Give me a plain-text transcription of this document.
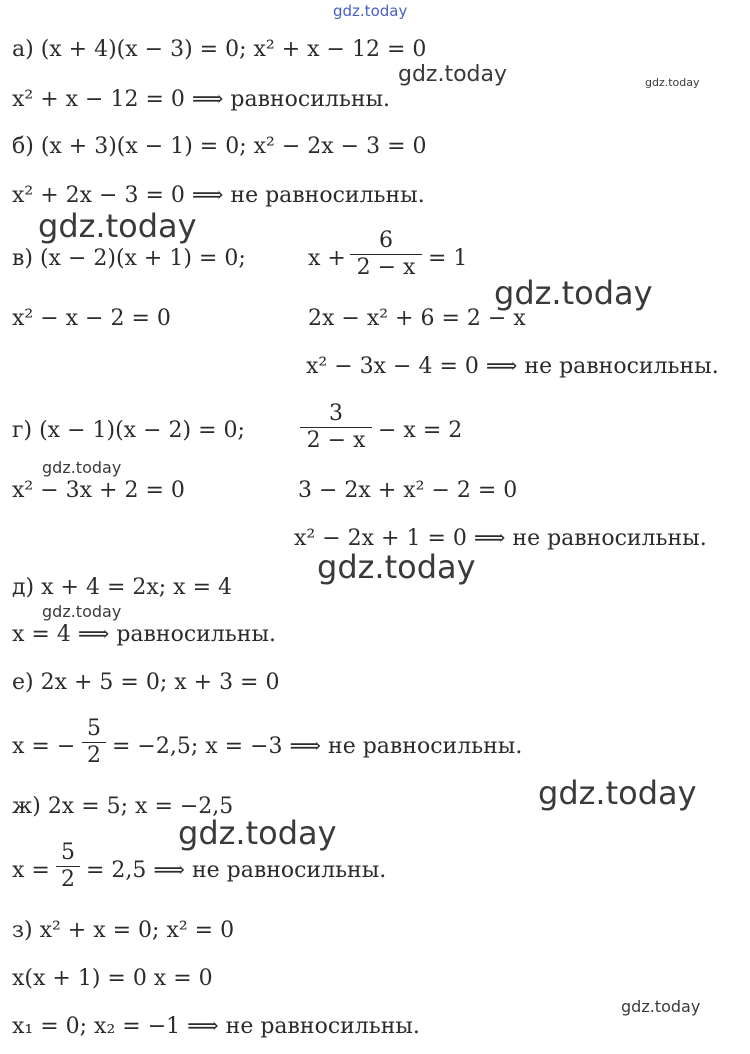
gdz.today
gdz.today	gdz.today
gdz.today
gdz.today
gdz.today
gdz.today
gdz.today
gdz.today
gdz.today
gdz.today
а) (x + 4)(x − 3) = 0; x² + x − 12 = 0
x² + x − 12 = 0 ⟹ равносильны.
б) (x + 3)(x − 1) = 0; x² − 2x − 3 = 0
x² + 2x − 3 = 0 ⟹ не равносильны.
в) (x − 2)(x + 1) = 0;	x +
6
2 − x = 1
x² − x − 2 = 0	2x − x² + 6 = 2 − x
x² − 3x − 4 = 0 ⟹ не равносильны.
г) (x − 1)(x − 2) = 0;
3
2 − x − x = 2
x² − 3x + 2 = 0	3 − 2x + x² − 2 = 0
x² − 2x + 1 = 0 ⟹ не равносильны.
д) x + 4 = 2x; x = 4
x = 4 ⟹ равносильны.
е) 2x + 5 = 0; x + 3 = 0
x = −
5
2 = −2,5; x = −3 ⟹ не равносильны.
ж) 2x = 5; x = −2,5
x =
5
2 = 2,5 ⟹ не равносильны.
з) x² + x = 0; x² = 0
x(x + 1) = 0 x = 0
x₁ = 0; x₂ = −1 ⟹ не равносильны.
